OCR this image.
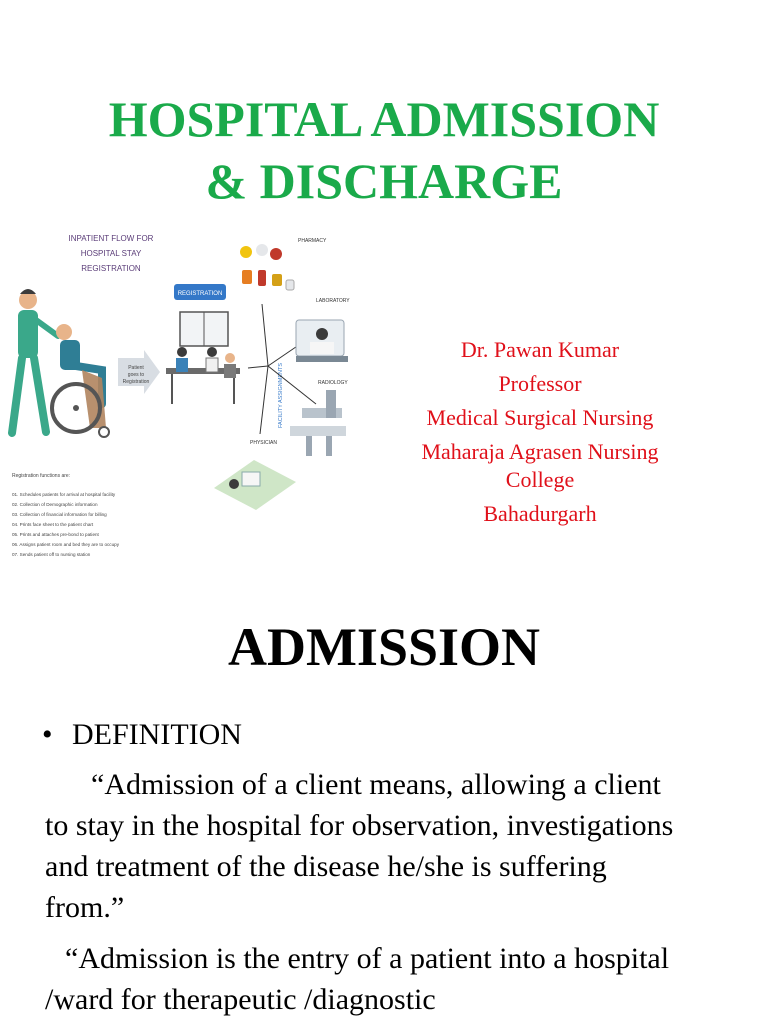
HOSPITAL ADMISSION
& DISCHARGE
INPATIENT FLOW FOR
HOSPITAL STAY
REGISTRATION
Patient
goes to
Registration
REGISTRATION
FACILITY ASSIGNMENTS
PHARMACY
LABORATORY
RADIOLOGY
PHYSICIAN
Registration functions are:
01. Schedules patients for arrival at hospital facility
02. Collection of Demographic information
03. Collection of financial information for billing
04. Prints face sheet to the patient chart
05. Prints and attaches pre-bond to patient
06. Assigns patient room and bed they are to occupy
07. Sends patient off to nursing station
Dr. Pawan Kumar
Professor
Medical Surgical Nursing
Maharaja Agrasen Nursing
College
Bahadurgarh
ADMISSION
• DEFINITION

“Admission of a client means, allowing a client to stay in the hospital for observation, investigations and treatment of the disease he/she is suffering from.”

“Admission is the entry of a patient into a hospital /ward for therapeutic /diagnostic
